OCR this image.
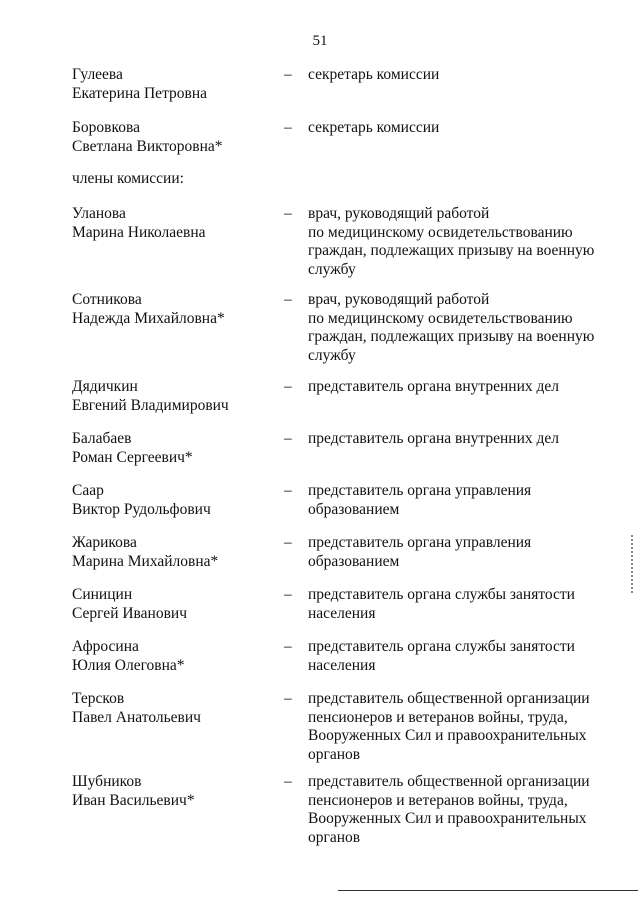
51
Гулеева
Екатерина Петровна
– секретарь комиссии
Боровкова
Светлана Викторовна*
– секретарь комиссии
члены комиссии:
Уланова
Марина Николаевна
– врач, руководящий работой
по медицинскому освидетельствованию
граждан, подлежащих призыву на военную
службу
Сотникова
Надежда Михайловна*
– врач, руководящий работой
по медицинскому освидетельствованию
граждан, подлежащих призыву на военную
службу
Дядичкин
Евгений Владимирович
– представитель органа внутренних дел
Балабаев
Роман Сергеевич*
– представитель органа внутренних дел
Саар
Виктор Рудольфович
– представитель органа управления
образованием
Жарикова
Марина Михайловна*
– представитель органа управления
образованием
Синицин
Сергей Иванович
– представитель органа службы занятости
населения
Афросина
Юлия Олеговна*
– представитель органа службы занятости
населения
Терсков
Павел Анатольевич
– представитель общественной организации
пенсионеров и ветеранов войны, труда,
Вооруженных Сил и правоохранительных
органов
Шубников
Иван Васильевич*
– представитель общественной организации
пенсионеров и ветеранов войны, труда,
Вооруженных Сил и правоохранительных
органов
